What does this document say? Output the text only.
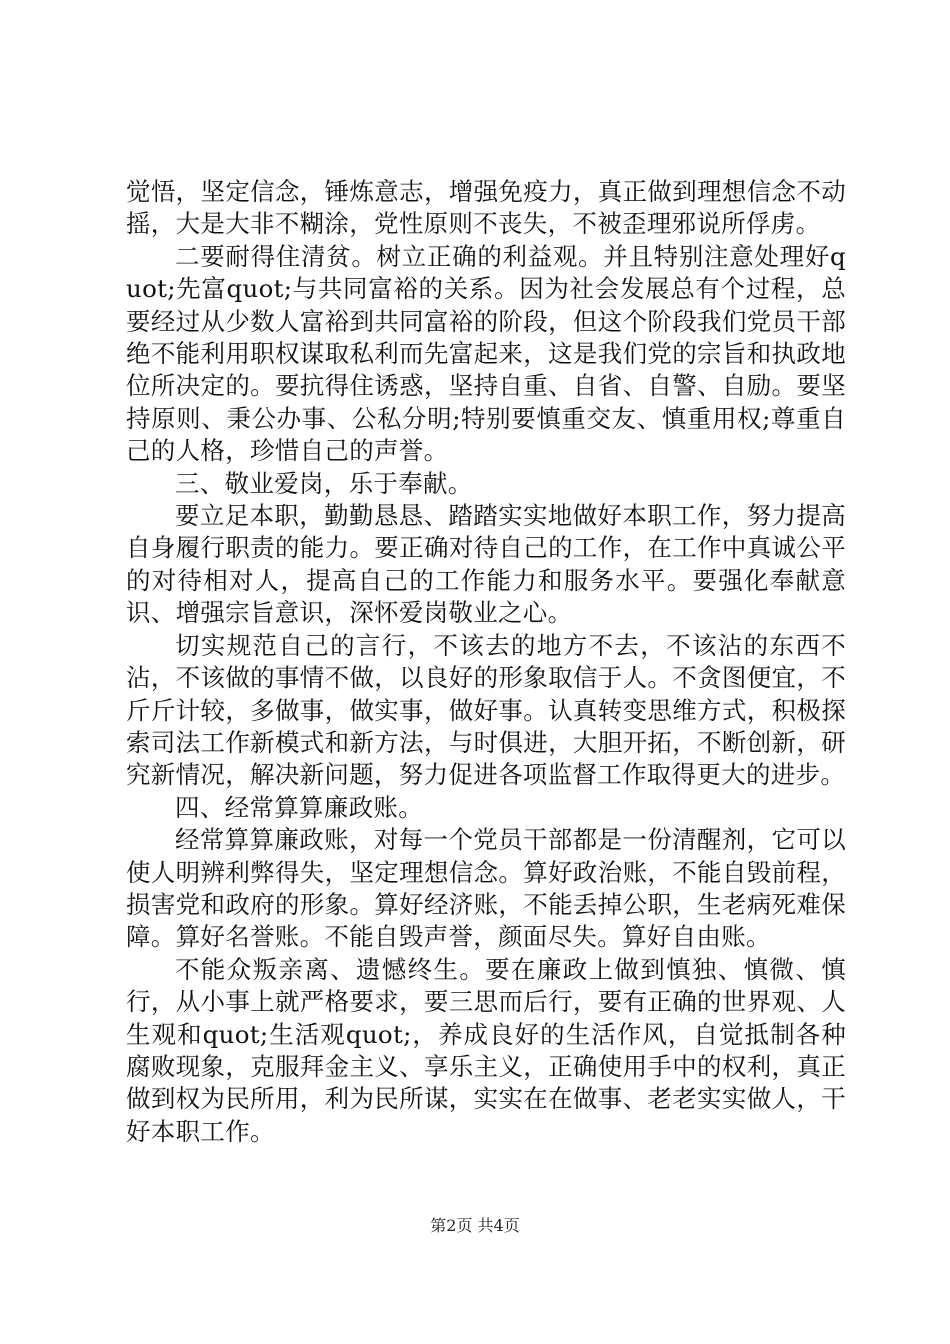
觉悟，坚定信念，锤炼意志，增强免疫力，真正做到理想信念不动摇，大是大非不糊涂，党性原则不丧失，不被歪理邪说所俘虏。

二要耐得住清贫。树立正确的利益观。并且特别注意处理好quot;先富quot;与共同富裕的关系。因为社会发展总有个过程，总要经过从少数人富裕到共同富裕的阶段，但这个阶段我们党员干部绝不能利用职权谋取私利而先富起来，这是我们党的宗旨和执政地位所决定的。要抗得住诱惑，坚持自重、自省、自警、自励。要坚持原则、秉公办事、公私分明;特别要慎重交友、慎重用权;尊重自己的人格，珍惜自己的声誉。

三、敬业爱岗，乐于奉献。

要立足本职，勤勤恳恳、踏踏实实地做好本职工作，努力提高自身履行职责的能力。要正确对待自己的工作，在工作中真诚公平的对待相对人，提高自己的工作能力和服务水平。要强化奉献意识、增强宗旨意识，深怀爱岗敬业之心。

切实规范自己的言行，不该去的地方不去，不该沾的东西不沾，不该做的事情不做，以良好的形象取信于人。不贪图便宜，不斤斤计较，多做事，做实事，做好事。认真转变思维方式，积极探索司法工作新模式和新方法，与时俱进，大胆开拓，不断创新，研究新情况，解决新问题，努力促进各项监督工作取得更大的进步。

四、经常算算廉政账。

经常算算廉政账，对每一个党员干部都是一份清醒剂，它可以使人明辨利弊得失，坚定理想信念。算好政治账，不能自毁前程，损害党和政府的形象。算好经济账，不能丢掉公职，生老病死难保障。算好名誉账。不能自毁声誉，颜面尽失。算好自由账。

不能众叛亲离、遗憾终生。要在廉政上做到慎独、慎微、慎行，从小事上就严格要求，要三思而后行，要有正确的世界观、人生观和quot;生活观quot;，养成良好的生活作风，自觉抵制各种腐败现象，克服拜金主义、享乐主义，正确使用手中的权利，真正做到权为民所用，利为民所谋，实实在在做事、老老实实做人，干好本职工作。

第2页 共4页
